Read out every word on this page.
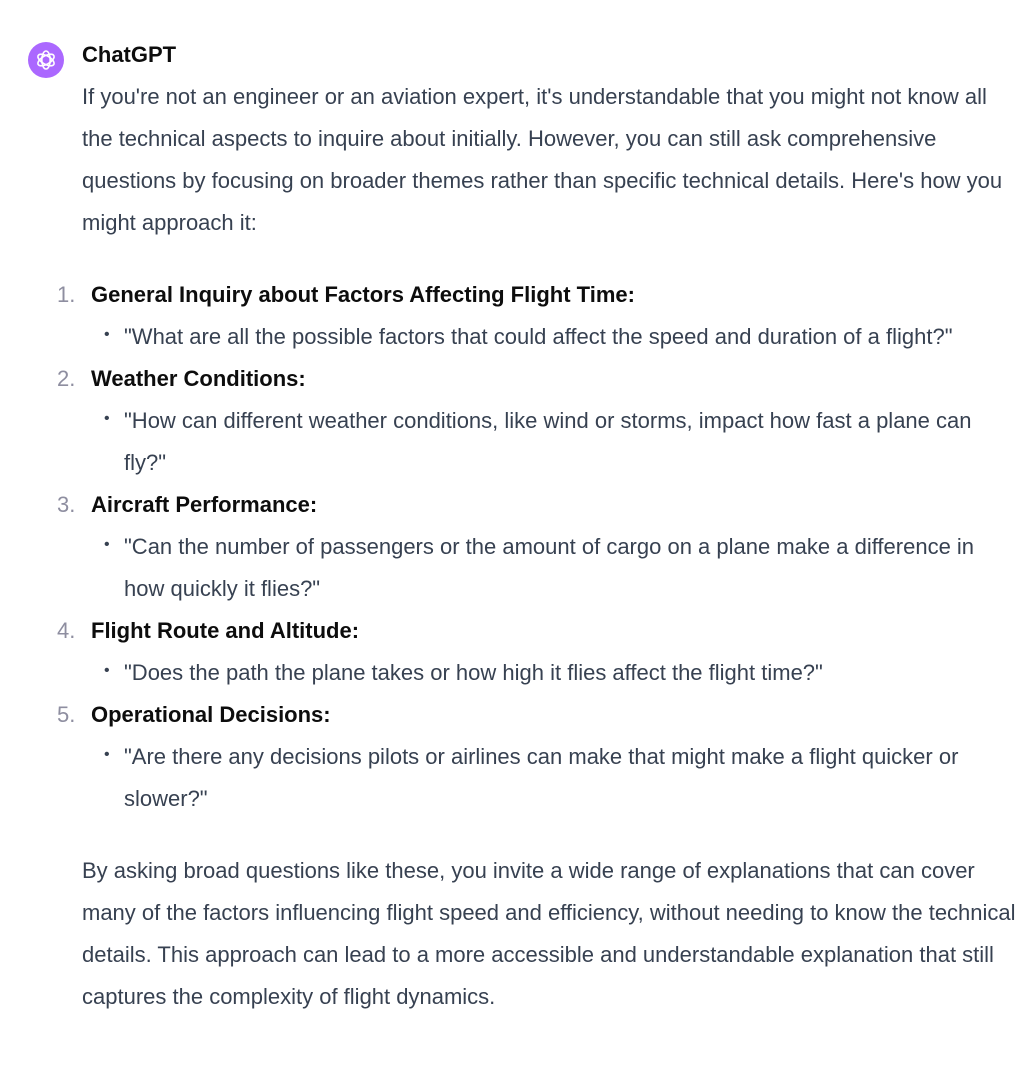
ChatGPT

If you're not an engineer or an aviation expert, it's understandable that you might not know all the technical aspects to inquire about initially. However, you can still ask comprehensive questions by focusing on broader themes rather than specific technical details. Here's how you might approach it:

1. General Inquiry about Factors Affecting Flight Time:
• "What are all the possible factors that could affect the speed and duration of a flight?"
2. Weather Conditions:
• "How can different weather conditions, like wind or storms, impact how fast a plane can fly?"
3. Aircraft Performance:
• "Can the number of passengers or the amount of cargo on a plane make a difference in how quickly it flies?"
4. Flight Route and Altitude:
• "Does the path the plane takes or how high it flies affect the flight time?"
5. Operational Decisions:
• "Are there any decisions pilots or airlines can make that might make a flight quicker or slower?"

By asking broad questions like these, you invite a wide range of explanations that can cover many of the factors influencing flight speed and efficiency, without needing to know the technical details. This approach can lead to a more accessible and understandable explanation that still captures the complexity of flight dynamics.
